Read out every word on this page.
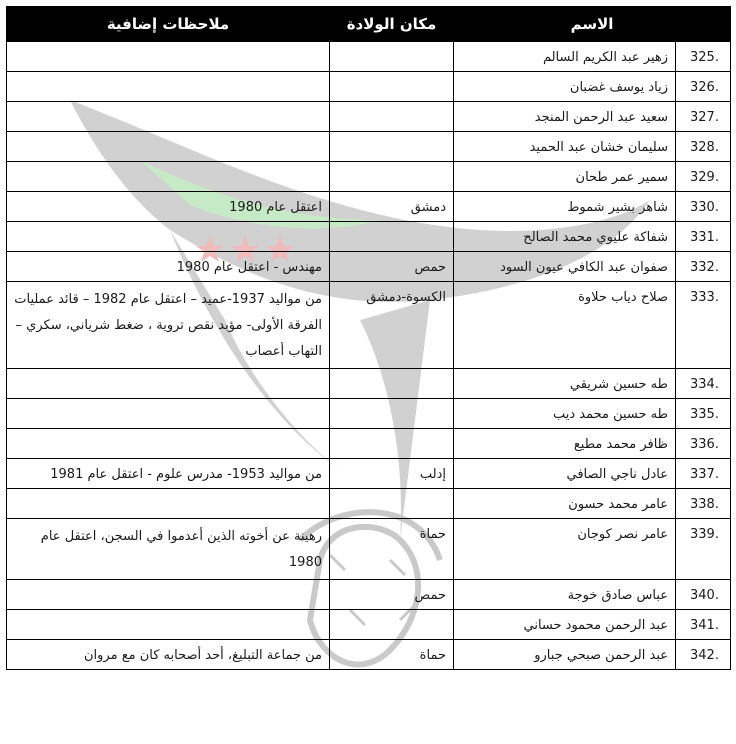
الاسم		مكان الولادة	ملاحظات إضافية
325.	زهير عبد الكريم السالم		
326.	زياد يوسف غضبان		
327.	سعيد عبد الرحمن المنجد		
328.	سليمان خشان عبد الحميد		
329.	سمير عمر طحان		
330.	شاهر بشير شموط	دمشق	اعتقل عام 1980
331.	شفاكة عليوي محمد الصالح		
332.	صفوان عبد الكافي عيون السود	حمص	مهندس - اعتقل عام 1980
333.	صلاح دياب حلاوة	الكسوة-دمشق	من مواليد 1937-عميد – اعتقل عام 1982 – قائد عمليات الفرقة الأولى- مؤبد نقص تروية ، ضغط شرياني، سكري – التهاب أعصاب
334.	طه حسين شريقي		
335.	طه حسين محمد ديب		
336.	ظافر محمد مطيع		
337.	عادل ناجي الصافي	إدلب	من مواليد 1953- مدرس علوم - اعتقل عام 1981
338.	عامر محمد حسون		
339.	عامر نصر كوجان	حماة	رهينة عن أخوته الذين أعدموا في السجن، اعتقل عام 1980
340.	عباس صادق خوجة	حمص	
341.	عبد الرحمن محمود حساني		
342.	عبد الرحمن صبحي جبارو	حماة	من جماعة التبليغ، أحد أصحابه كان مع مروان
